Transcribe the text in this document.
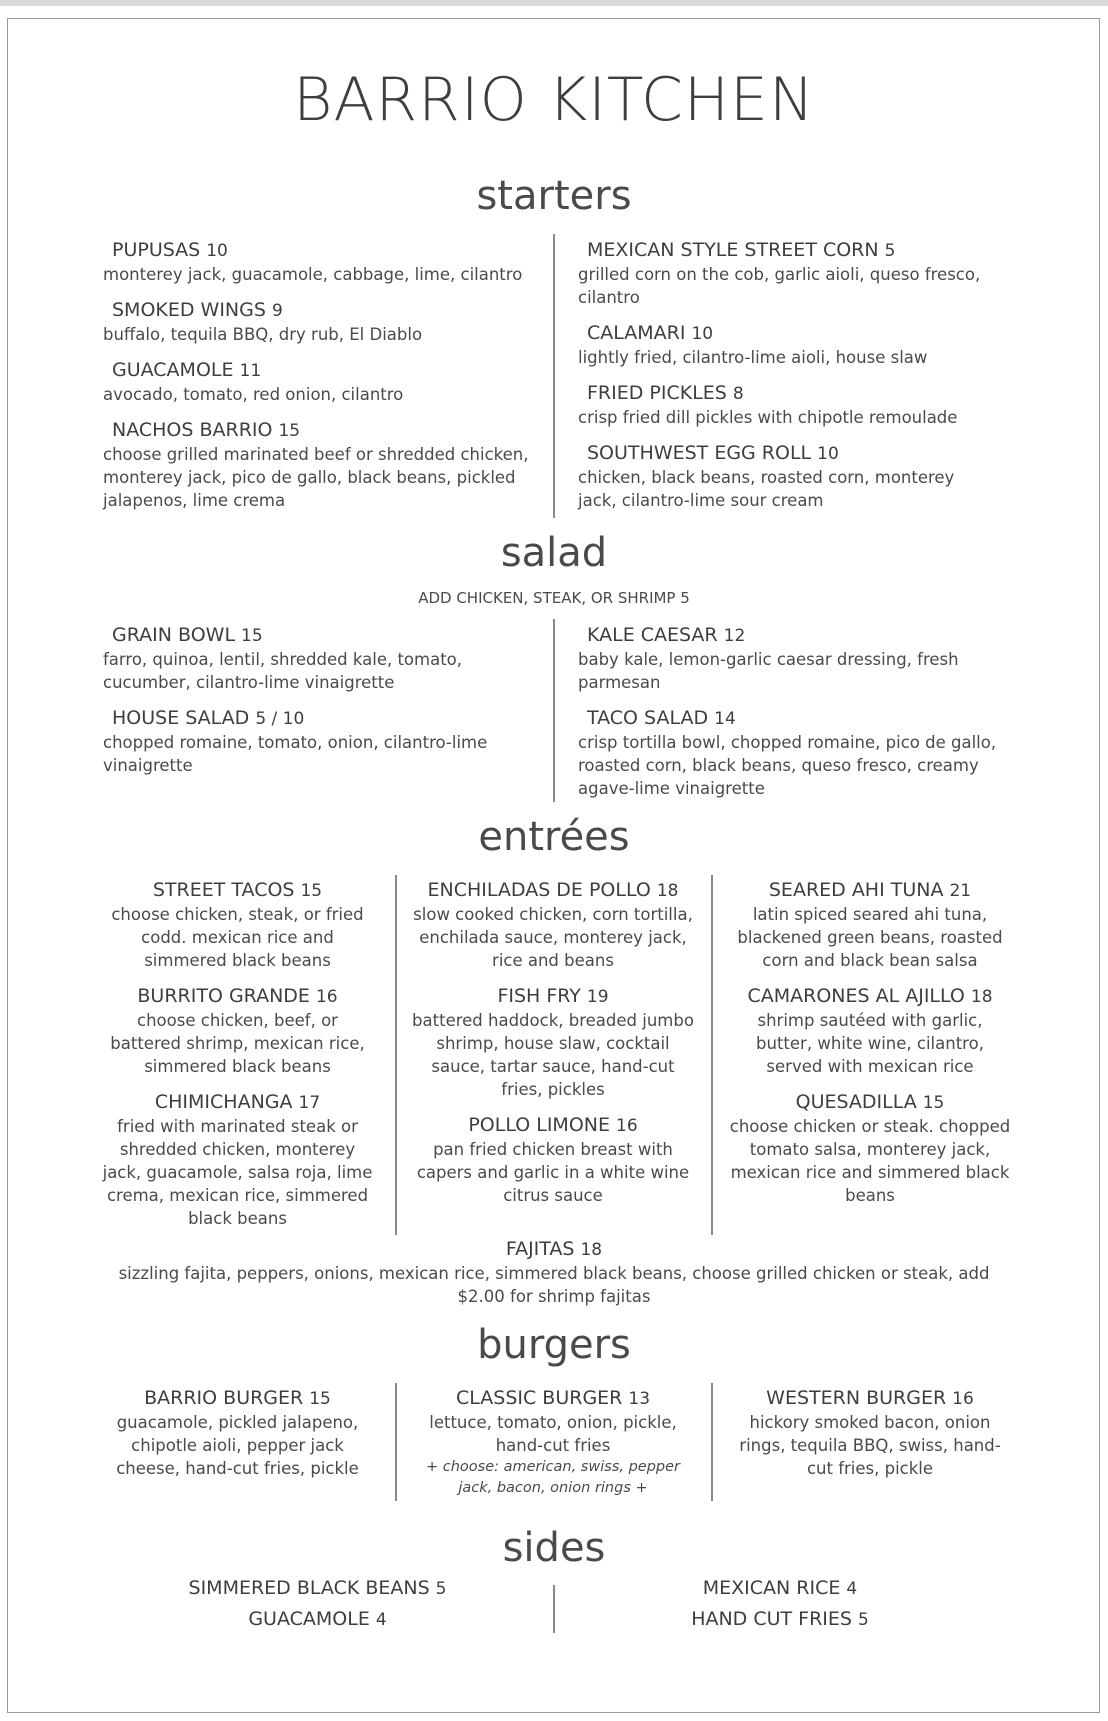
BARRIO KITCHEN
starters
PUPUSAS 10
monterey jack, guacamole, cabbage, lime, cilantro
SMOKED WINGS 9
buffalo, tequila BBQ, dry rub, El Diablo
GUACAMOLE 11
avocado, tomato, red onion, cilantro
NACHOS BARRIO 15
choose grilled marinated beef or shredded chicken, monterey jack, pico de gallo, black beans, pickled jalapenos, lime crema
MEXICAN STYLE STREET CORN 5
grilled corn on the cob, garlic aioli, queso fresco, cilantro
CALAMARI 10
lightly fried, cilantro-lime aioli, house slaw
FRIED PICKLES 8
crisp fried dill pickles with chipotle remoulade
SOUTHWEST EGG ROLL 10
chicken, black beans, roasted corn, monterey jack, cilantro-lime sour cream
salad
ADD CHICKEN, STEAK, OR SHRIMP 5
GRAIN BOWL 15
farro, quinoa, lentil, shredded kale, tomato, cucumber, cilantro-lime vinaigrette
HOUSE SALAD 5 / 10
chopped romaine, tomato, onion, cilantro-lime vinaigrette
KALE CAESAR 12
baby kale, lemon-garlic caesar dressing, fresh parmesan
TACO SALAD 14
crisp tortilla bowl, chopped romaine, pico de gallo, roasted corn, black beans, queso fresco, creamy agave-lime vinaigrette
entrées
STREET TACOS 15
choose chicken, steak, or fried codd. mexican rice and simmered black beans
BURRITO GRANDE 16
choose chicken, beef, or battered shrimp, mexican rice, simmered black beans
CHIMICHANGA 17
fried with marinated steak or shredded chicken, monterey jack, guacamole, salsa roja, lime crema, mexican rice, simmered black beans
ENCHILADAS DE POLLO 18
slow cooked chicken, corn tortilla, enchilada sauce, monterey jack, rice and beans
FISH FRY 19
battered haddock, breaded jumbo shrimp, house slaw, cocktail sauce, tartar sauce, hand-cut fries, pickles
POLLO LIMONE 16
pan fried chicken breast with capers and garlic in a white wine citrus sauce
SEARED AHI TUNA 21
latin spiced seared ahi tuna, blackened green beans, roasted corn and black bean salsa
CAMARONES AL AJILLO 18
shrimp sautéed with garlic, butter, white wine, cilantro, served with mexican rice
QUESADILLA 15
choose chicken or steak. chopped tomato salsa, monterey jack, mexican rice and simmered black beans
FAJITAS 18
sizzling fajita, peppers, onions, mexican rice, simmered black beans, choose grilled chicken or steak, add $2.00 for shrimp fajitas
burgers
BARRIO BURGER 15
guacamole, pickled jalapeno, chipotle aioli, pepper jack cheese, hand-cut fries, pickle
CLASSIC BURGER 13
lettuce, tomato, onion, pickle, hand-cut fries
+ choose: american, swiss, pepper jack, bacon, onion rings +
WESTERN BURGER 16
hickory smoked bacon, onion rings, tequila BBQ, swiss, hand-cut fries, pickle
sides
SIMMERED BLACK BEANS 5
GUACAMOLE 4
MEXICAN RICE 4
HAND CUT FRIES 5
